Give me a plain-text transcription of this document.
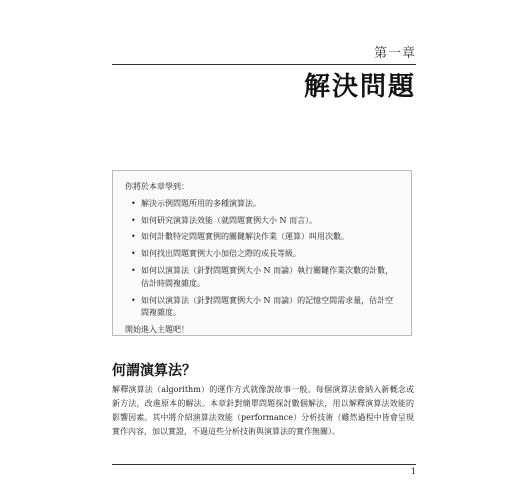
第一章
解決問題
你將於本章學到：
• 解決示例問題所用的多種演算法。
• 如何研究演算法效能（就問題實例大小 N 而言）。
• 如何計數特定問題實例的關鍵解決作業（運算）叫用次數。
• 如何找出問題實例大小加倍之際的成長等級。
• 如何以演算法（針對問題實例大小 N 而論）執行關鍵作業次數的計數，估計時間複雜度。
• 如何以演算法（針對問題實例大小 N 而論）的記憶空間需求量，估計空間複雜度。
開始進入主題吧！
何謂演算法？
解釋演算法（algorithm）的運作方式就像說故事一般。每個演算法會納入新概念或新方法，改進原本的解法。本章針對簡單問題探討數個解法，用以解釋演算法效能的影響因素。其中將介紹演算法效能（performance）分析技術（雖然過程中皆會呈現實作內容，加以實證，不過這些分析技術與演算法的實作無關）。
1
